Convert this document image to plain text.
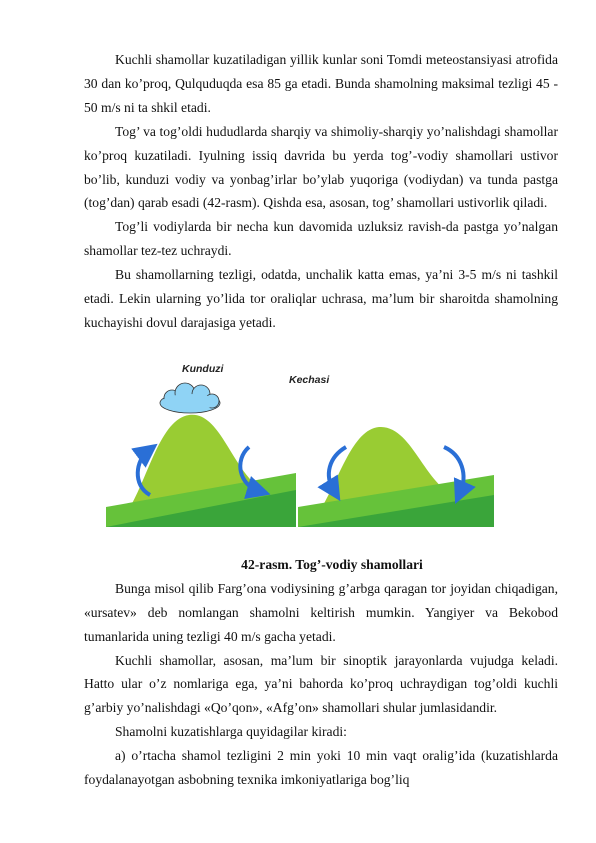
Kuchli shamollar kuzatiladigan yillik kunlar soni Tomdi meteostansiyasi atrofida 30 dan ko’proq, Qulquduqda esa 85 ga etadi. Bunda shamolning maksimal tezligi 45 - 50 m/s ni ta shkil etadi.

Tog’ va tog’oldi hududlarda sharqiy va shimoliy-sharqiy yo’nalishdagi shamollar ko’proq kuzatiladi. Iyulning issiq davrida bu yerda tog’-vodiy shamollari ustivor bo’lib, kunduzi vodiy va yonbag’irlar bo’ylab yuqoriga (vodiydan) va tunda pastga (tog’dan) qarab esadi (42-rasm). Qishda esa, asosan, tog’ shamollari ustivorlik qiladi.

Tog’li vodiylarda bir necha kun davomida uzluksiz ravish-da pastga yo’nalgan shamollar tez-tez uchraydi.

Bu shamollarning tezligi, odatda, unchalik katta emas, ya’ni 3-5 m/s ni tashkil etadi. Lekin ularning yo’lida tor oraliqlar uchrasa, ma’lum bir sharoitda shamolning kuchayishi dovul darajasiga yetadi.

Kunduzi
Kechasi

42-rasm. Tog’-vodiy shamollari

Bunga misol qilib Farg’ona vodiysining g’arbga qaragan tor joyidan chiqadigan, «ursatev» deb nomlangan shamolni keltirish mumkin. Yangiyer va Bekobod tumanlarida uning tezligi 40 m/s gacha yetadi.

Kuchli shamollar, asosan, ma’lum bir sinoptik jarayonlarda vujudga keladi. Hatto ular o’z nomlariga ega, ya’ni bahorda ko’proq uchraydigan tog’oldi kuchli g’arbiy yo’nalishdagi «Qo’qon», «Afg’on» shamollari shular jumlasidandir.

Shamolni kuzatishlarga quyidagilar kiradi:

a) o’rtacha shamol tezligini 2 min yoki 10 min vaqt oralig’ida (kuzatishlarda foydalanayotgan asbobning texnika imkoniyatlariga bog’liq
